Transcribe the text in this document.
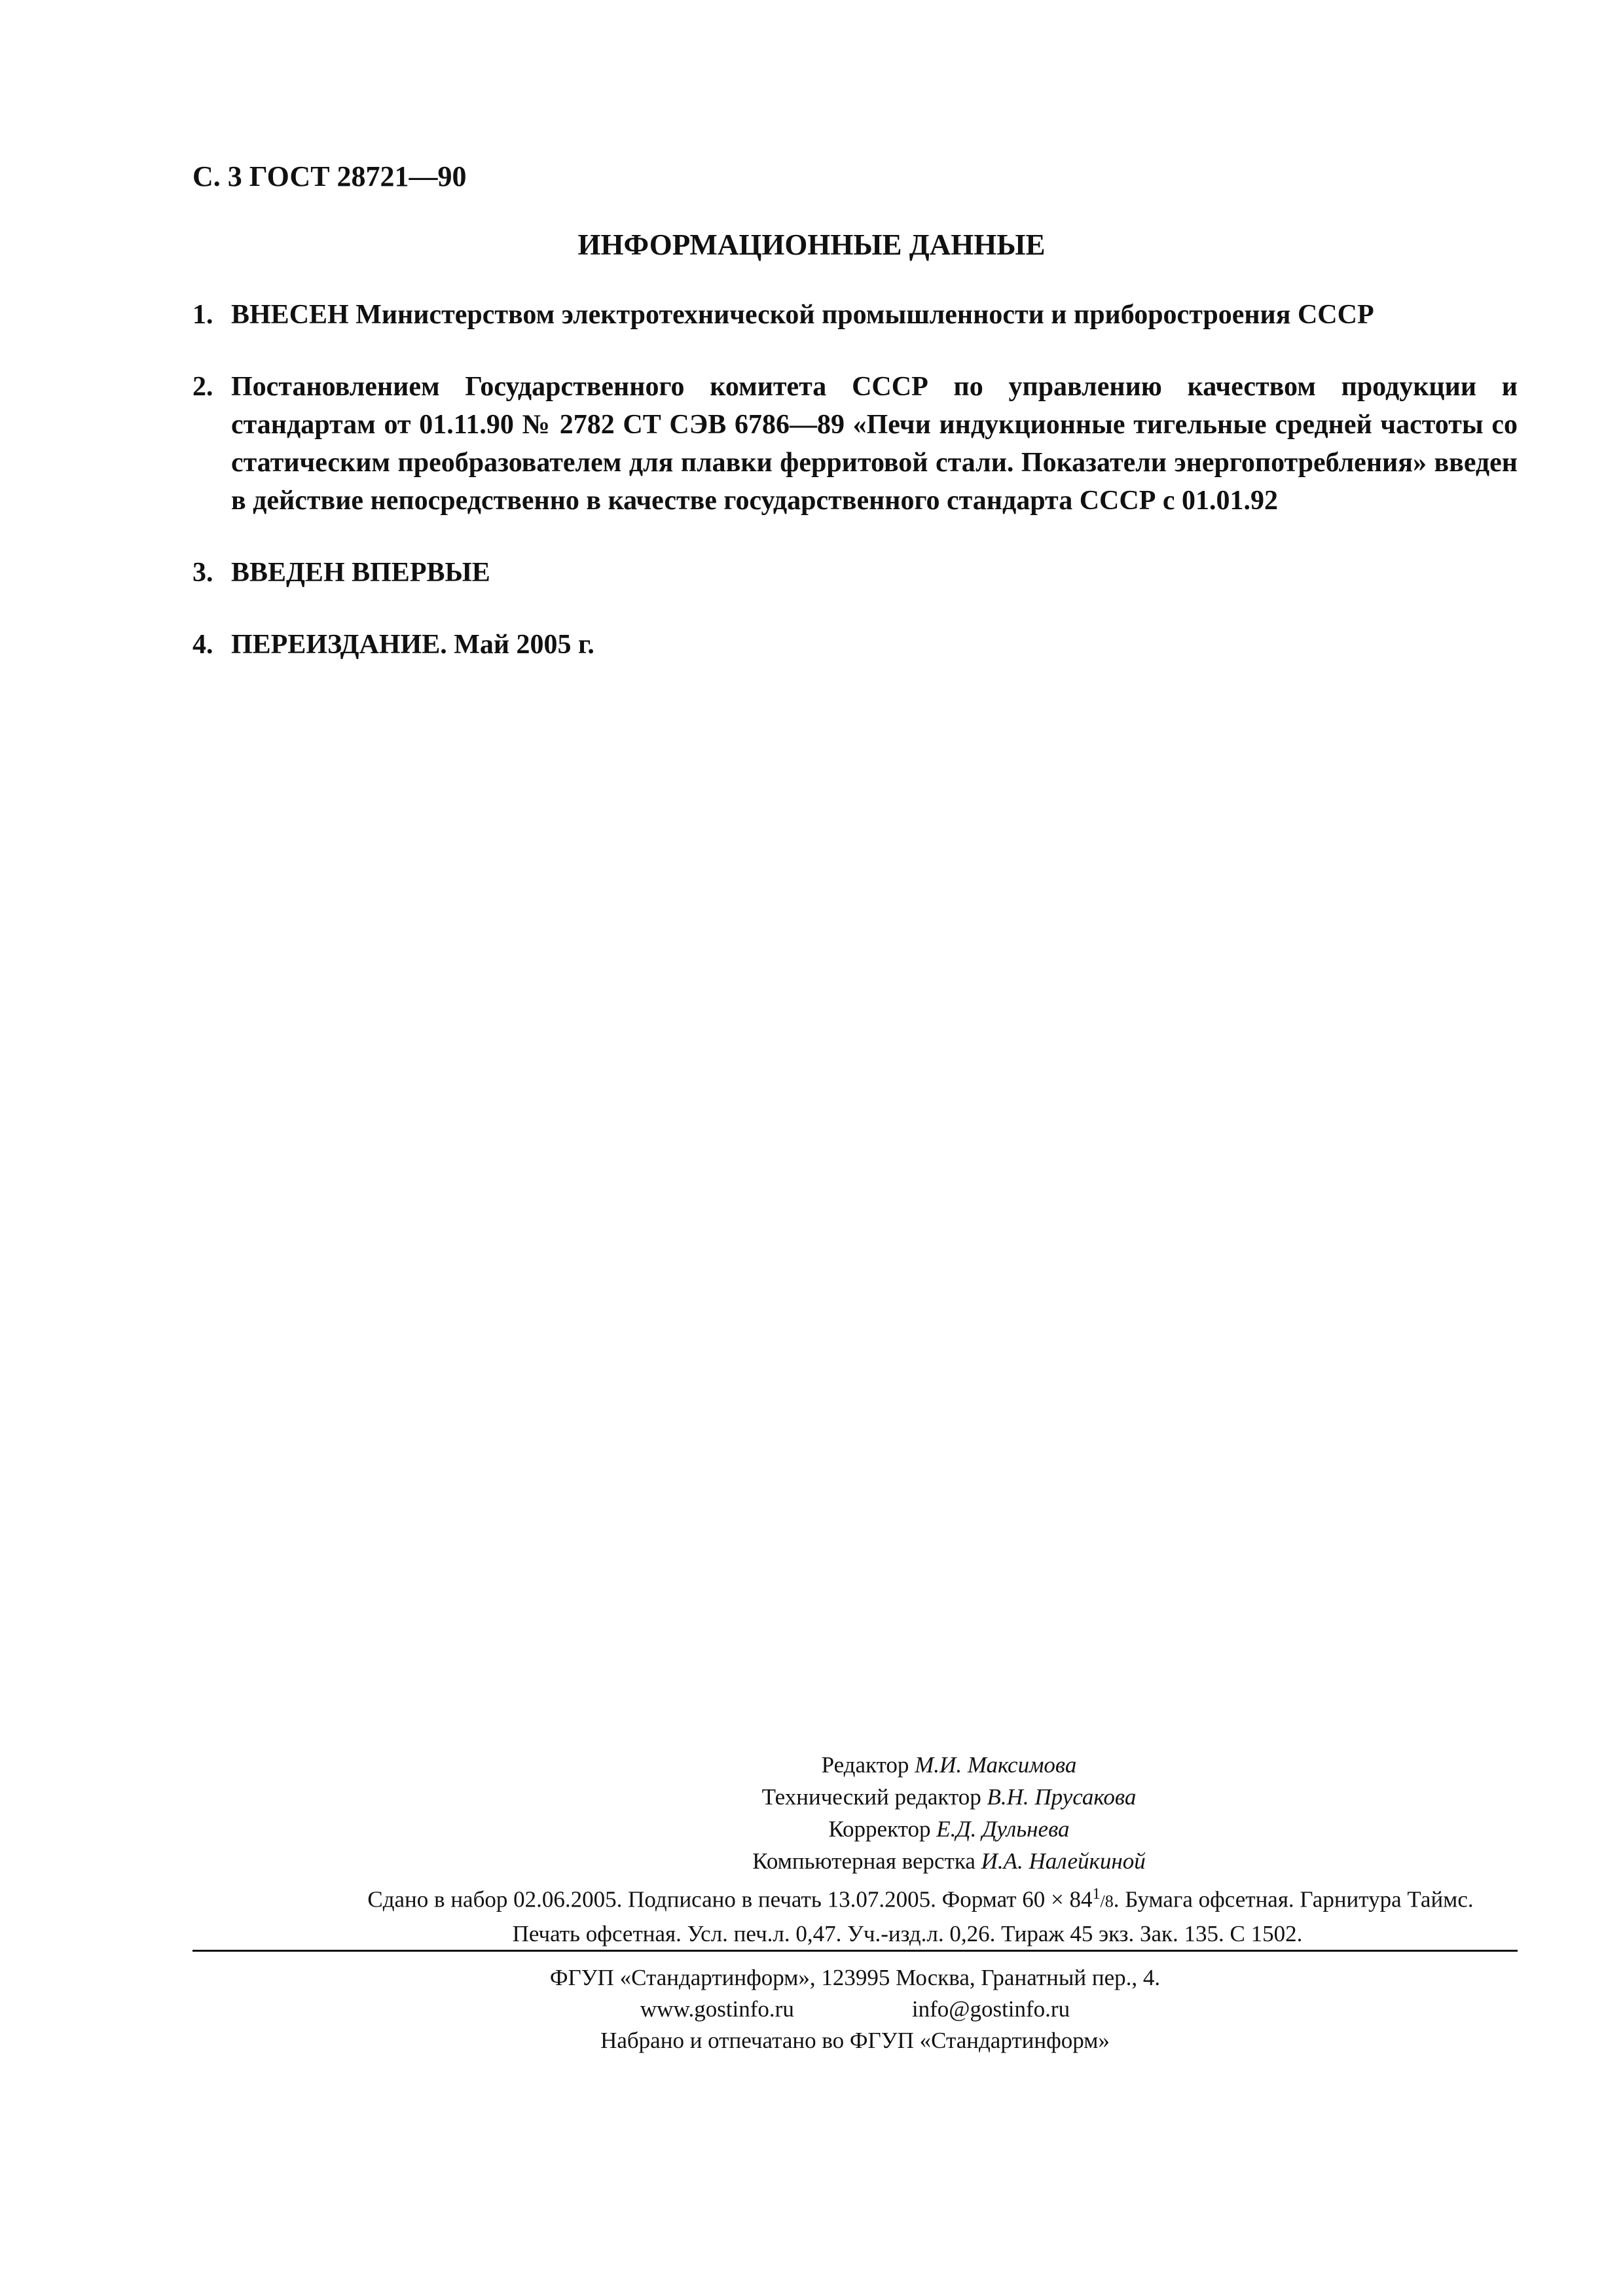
С. 3 ГОСТ 28721—90
ИНФОРМАЦИОННЫЕ ДАННЫЕ
1. ВНЕСЕН Министерством электротехнической промышленности и приборостроения СССР
2. Постановлением Государственного комитета СССР по управлению качеством продукции и стандартам от 01.11.90 № 2782 СТ СЭВ 6786—89 «Печи индукционные тигельные средней частоты со статическим преобразователем для плавки ферритовой стали. Показатели энергопотребления» введен в действие непосредственно в качестве государственного стандарта СССР с 01.01.92
3. ВВЕДЕН ВПЕРВЫЕ
4. ПЕРЕИЗДАНИЕ. Май 2005 г.
Редактор М.И. Максимова
Технический редактор В.Н. Прусакова
Корректор Е.Д. Дульнева
Компьютерная верстка И.А. Налейкиной
Сдано в набор 02.06.2005. Подписано в печать 13.07.2005. Формат $60 \times 84^1/8$. Бумага офсетная. Гарнитура Таймс.
Печать офсетная. Усл. печ.л. 0,47. Уч.-изд.л. 0,26. Тираж 45 экз. Зак. 135. С 1502.
ФГУП «Стандартинформ», 123995 Москва, Гранатный пер., 4.
www.gostinfo.ru	info@gostinfo.ru
Набрано и отпечатано во ФГУП «Стандартинформ»
